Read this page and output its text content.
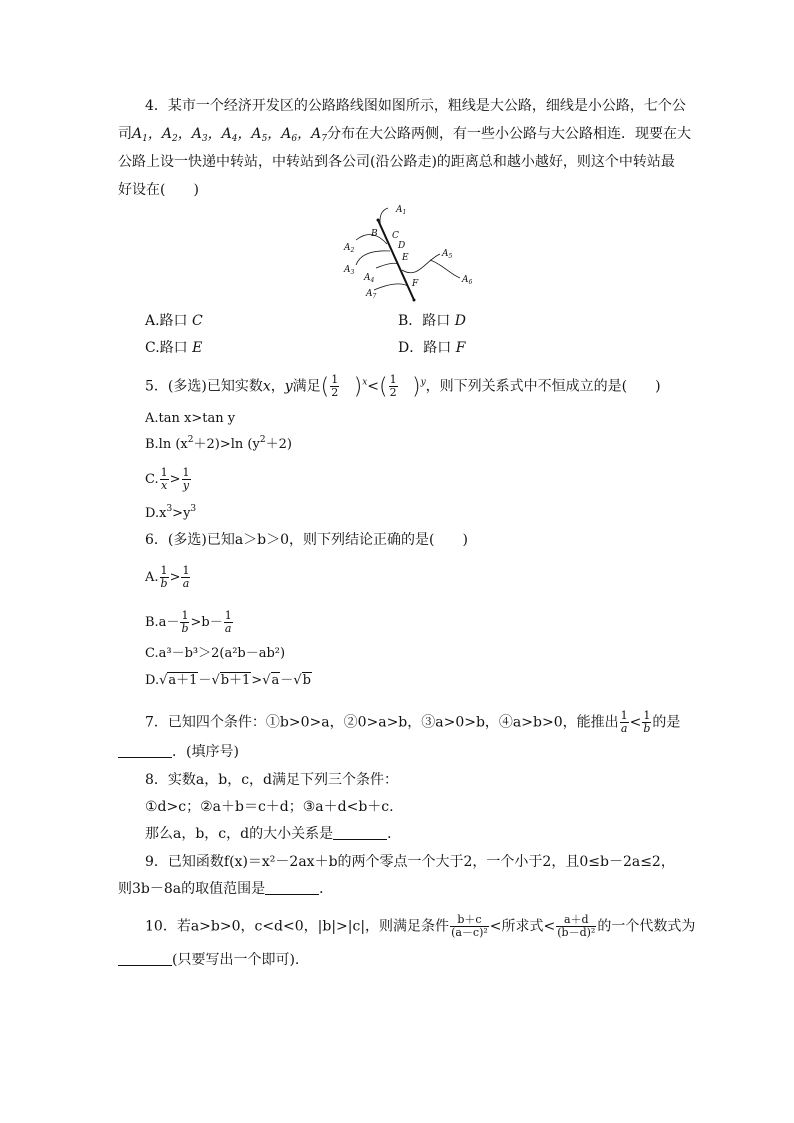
4．某市一个经济开发区的公路路线图如图所示，粗线是大公路，细线是小公路，七个公
司$A_1$，$A_2$，$A_3$，$A_4$，$A_5$，$A_6$，$A_7$分布在大公路两侧，有一些小公路与大公路相连．现要在大
公路上设一快递中转站，中转站到各公司(沿公路走)的距离总和越小越好，则这个中转站最
好设在(　　)
$A_1$
$A_2$
$A_3$
$A_4$
$A_5$
$A_6$
$A_7$
B C
D
E
F
A.路口 C	B．路口 D
C.路口 E	D．路口 F
5．(多选)已知实数x，y满足( $\frac{1}{2} )^x<( \frac{1}{2} )^y$，则下列关系式中不恒成立的是(　　)
A.tan x>tan y
B.ln $(x^2+2)>\ln$ $(y^2+2)$
C. $\frac{1}{x} > \frac{1}{y}$
$D.x^3>y^3$
6．(多选)已知a＞b＞0，则下列结论正确的是(　　)
A. $\frac{1}{b} > \frac{1}{a}$
$B.a- \frac{1}{b} >b- \frac{1}{a}$
C.a³－b³＞2(a²b－ab²)
D.√a＋1－√b＋1>√a－√b
7．已知四个条件：①b>0>a，②0>a>b，③a>0>b，④a>b>0，能推出 $\frac{1}{a} < \frac{1}{b}$ 的是
．(填序号)
8．实数a，b，c，d满足下列三个条件：
①d>c；②a＋b＝c＋d；③a＋d<b＋c.
那么a，b，c，d的大小关系是	．
9．已知函数f(x)＝x²－2ax＋b的两个零点一个大于2，一个小于2，且0≤b－2a≤2，
则3b－8a的取值范围是	．
10．若a>b>0，c<d<0，|b|>|c|，则满足条件 $\frac{b+c}{\text{(a－c)²}}$ <所求式< $\frac{a+d}{\text{(b－d)²}}$ 的一个代数式为
(只要写出一个即可).
